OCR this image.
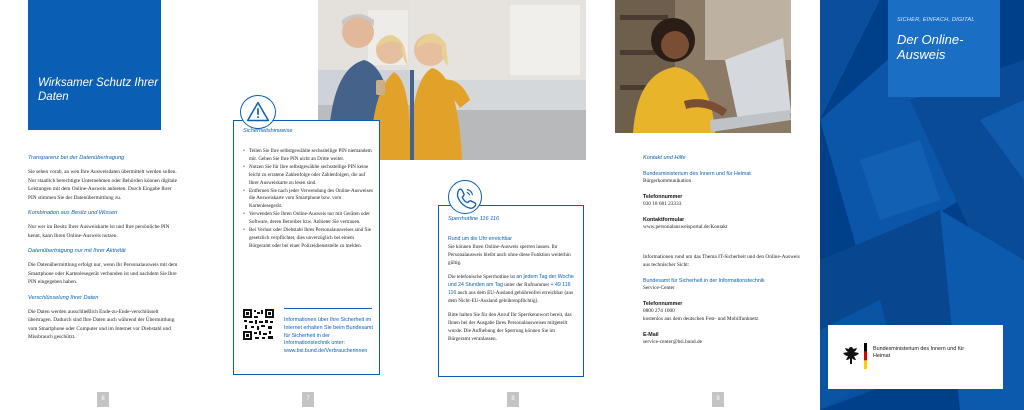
Wirksamer Schutz Ihrer Daten
Transparenz bei der Datenübertragung
Sie sehen vorab, an wen Ihre Ausweisdaten übermittelt werden sollen. Nur staatlich berechtigte Unternehmen oder Behörden können digitale Leistungen mit dem Online-Ausweis anbieten. Durch Eingabe Ihrer PIN stimmen Sie der Datenübermittlung zu.
Kombination aus Besitz und Wissen
Nur wer im Besitz Ihrer Ausweiskarte ist und Ihre persönliche PIN kennt, kann Ihren Online-Ausweis nutzen.
Datenübertragung nur mit Ihrer Aktivität
Die Datenübermittlung erfolgt nur, wenn Ihr Personalausweis mit dem Smartphone oder Kartenlesegerät verbunden ist und nachdem Sie Ihre PIN eingegeben haben.
Verschlüsselung Ihrer Daten
Die Daten werden ausschließlich Ende-zu-Ende-verschlüsselt übertragen. Dadurch sind Ihre Daten auch während der Übermittlung vom Smartphone oder Computer und im Internet vor Diebstahl und Missbrauch geschützt.
6
Sicherheitshinweise
• Teilen Sie Ihre selbstgewählte sechsstellige PIN niemandem mit. Geben Sie Ihre PIN nicht an Dritte weiter.
• Nutzen Sie für Ihre selbstgewählte sechsstellige PIN keine leicht zu erratene Zahlenfolge oder Zahlenfolgen, die auf Ihrer Ausweiskarte zu lesen sind.
• Entfernen Sie nach jeder Verwendung des Online-Ausweises die Ausweiskarte vom Smartphone bzw. vom Kartenlesegerät.
• Verwenden Sie Ihren Online-Ausweis nur mit Geräten oder Software, deren Betreiber bzw. Anbieter Sie vertrauen.
• Bei Verlust oder Diebstahl Ihres Personalausweises sind Sie gesetzlich verpflichtet, dies unverzüglich bei einem Bürgeramt oder bei einer Polizeidienststelle zu melden.
Informationen über Ihre Sicherheit im Internet erhalten Sie beim Bundesamt für Sicherheit in der Informationstechnik unter: www.bsi.bund.de/Verbraucherinnen
7
Sperrhotline 116 116
Rund um die Uhr erreichbar
Sie können Ihren Online-Ausweis sperren lassen. Ihr Personalausweis bleibt auch ohne diese Funktion weiterhin gültig.
Die telefonische Sperrhotline ist an jedem Tag der Woche und 24 Stunden am Tag unter der Rufnummer + 49 116 116 auch aus dem EU-Ausland gebührenfrei erreichbar (aus dem Nicht-EU-Ausland gebührenpflichtig).
Bitte halten Sie für den Anruf Ihr Sperrkennwort bereit, das Ihnen bei der Ausgabe Ihres Personalausweises mitgeteilt wurde. Die Aufhebung der Sperrung können Sie im Bürgeramt veranlassen.
8
Kontakt und Hilfe
Bundesministerium des Innern und für Heimat
Bürgerkommunikation
Telefonnummer
030 18 681 23333
Kontaktformular
www.personalausweisportal.de/Kontakt
Informationen rund um das Thema IT-Sicherheit und den Online-Ausweis aus technischer Sicht:
Bundesamt für Sicherheit in der Informationstechnik
Service-Center
Telefonnummer
0800 274 1000
kostenlos aus dem deutschen Fest- und Mobilfunknetz
E-Mail
service-center@bsi.bund.de
9
SICHER, EINFACH, DIGITAL
Der Online-Ausweis
Bundesministerium des Innern und für Heimat
